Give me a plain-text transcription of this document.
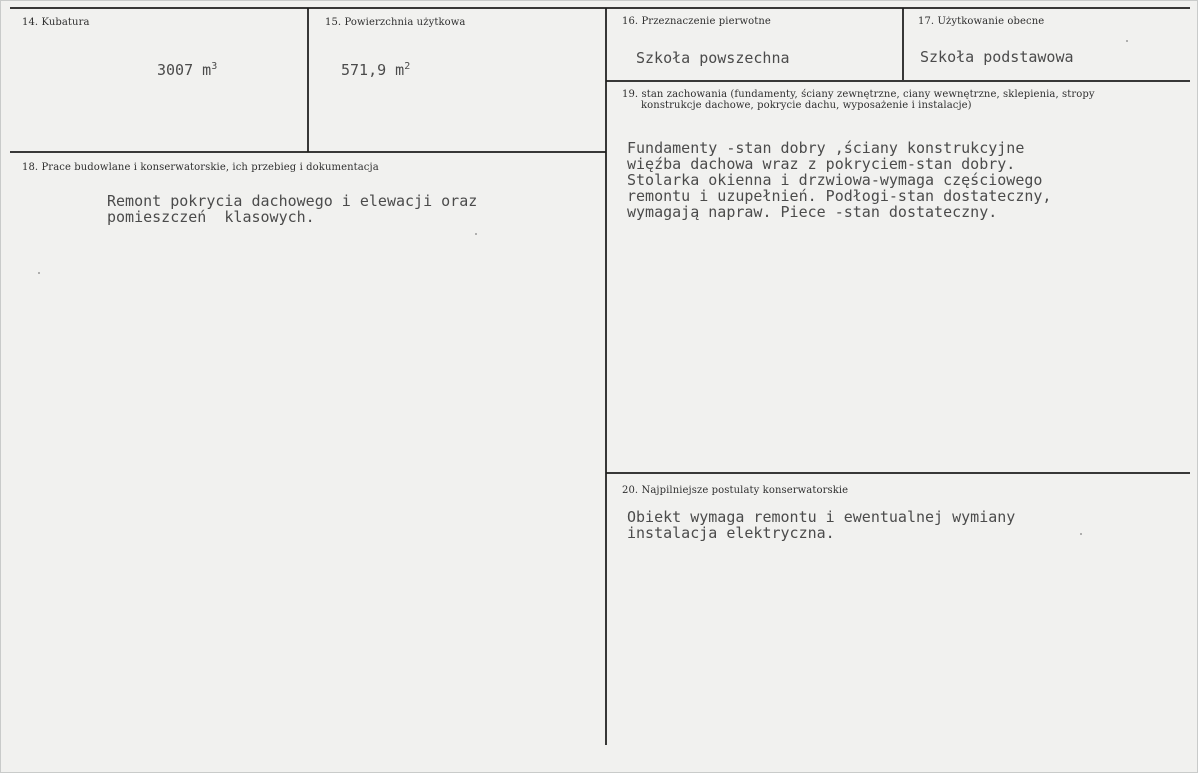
14. Kubatura
3007 $m^3$
15. Powierzchnia użytkowa
571,9 $m^2$
16. Przeznaczenie pierwotne
Szkoła powszechna
17. Użytkowanie obecne
Szkoła podstawowa
18. Prace budowlane i konserwatorskie, ich przebieg i dokumentacja
Remont pokrycia dachowego i elewacji oraz
pomieszczeń  klasowych.
19. stan zachowania (fundamenty, ściany zewnętrzne, ciany wewnętrzne, sklepienia, stropy
konstrukcje dachowe, pokrycie dachu, wyposażenie i instalacje)
Fundamenty -stan dobry ,ściany konstrukcyjne
więźba dachowa wraz z pokryciem-stan dobry.
Stolarka okienna i drzwiowa-wymaga częściowego
remontu i uzupełnień. Podłogi-stan dostateczny,
wymagają napraw. Piece -stan dostateczny.
20. Najpilniejsze postulaty konserwatorskie
Obiekt wymaga remontu i ewentualnej wymiany
instalacja elektryczna.
